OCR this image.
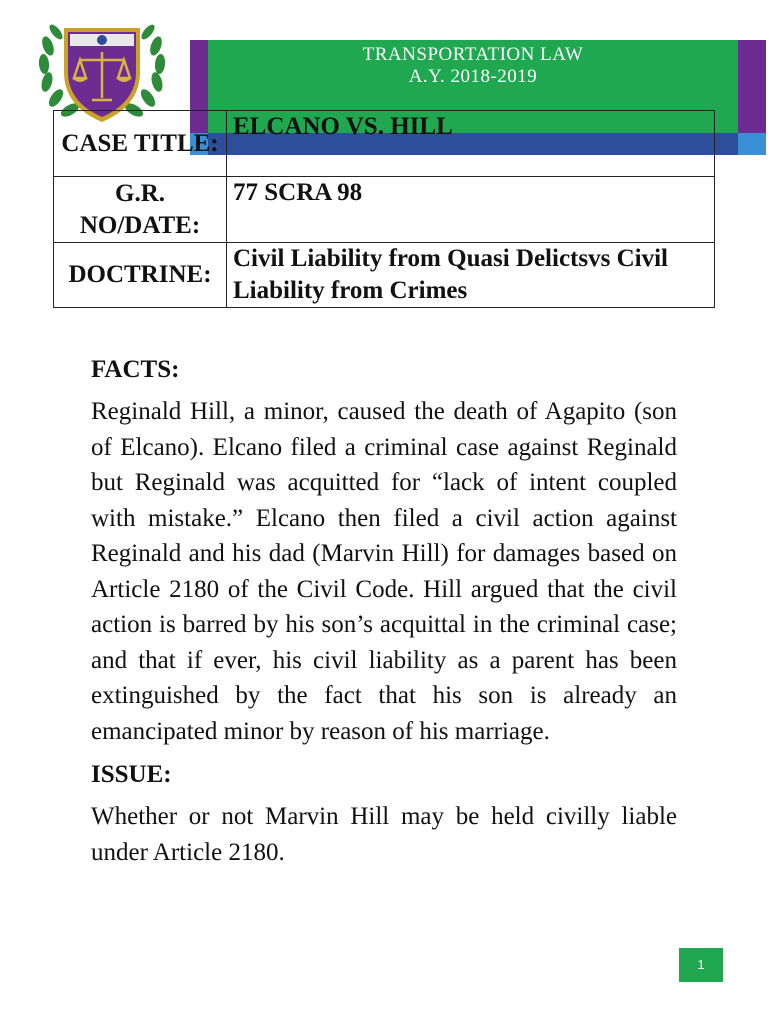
TRANSPORTATION LAW
A.Y. 2018-2019
CASE TITLE:	ELCANO VS. HILL
G.R. NO/DATE:	77 SCRA 98
DOCTRINE:	Civil Liability from Quasi Delictsvs Civil Liability from Crimes
FACTS:
Reginald Hill, a minor, caused the death of Agapito (son of Elcano). Elcano filed a criminal case against Reginald but Reginald was acquitted for “lack of intent coupled with mistake.” Elcano then filed a civil action against Reginald and his dad (Marvin Hill) for damages based on Article 2180 of the Civil Code. Hill argued that the civil action is barred by his son’s acquittal in the criminal case; and that if ever, his civil liability as a parent has been extinguished by the fact that his son is already an emancipated minor by reason of his marriage.
ISSUE:
Whether or not Marvin Hill may be held civilly liable under Article 2180.
1
